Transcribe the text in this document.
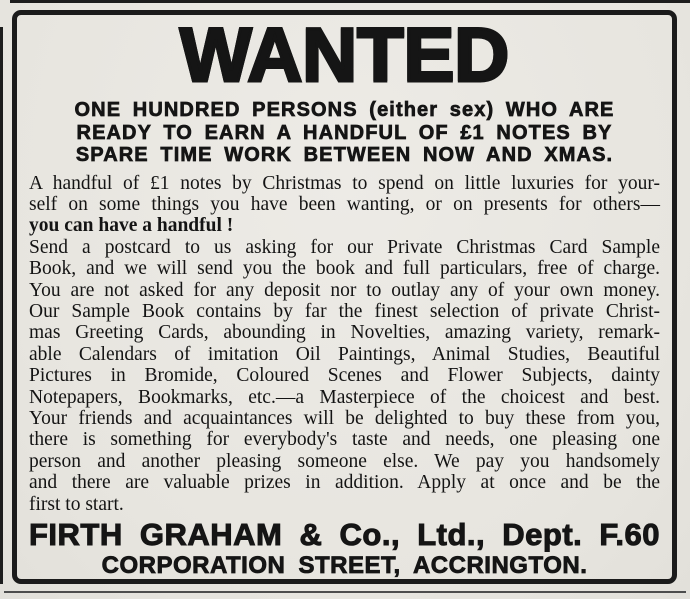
WANTED
ONE HUNDRED PERSONS (either sex) WHO ARE
READY TO EARN A HANDFUL OF £1 NOTES BY
SPARE TIME WORK BETWEEN NOW AND XMAS.
A handful of £1 notes by Christmas to spend on little luxuries for your-
self on some things you have been wanting, or on presents for others—
you can have a handful !
Send a postcard to us asking for our Private Christmas Card Sample
Book, and we will send you the book and full particulars, free of charge.
You are not asked for any deposit nor to outlay any of your own money.
Our Sample Book contains by far the finest selection of private Christ-
mas Greeting Cards, abounding in Novelties, amazing variety, remark-
able Calendars of imitation Oil Paintings, Animal Studies, Beautiful
Pictures in Bromide, Coloured Scenes and Flower Subjects, dainty
Notepapers, Bookmarks, etc.—a Masterpiece of the choicest and best.
Your friends and acquaintances will be delighted to buy these from you,
there is something for everybody's taste and needs, one pleasing one
person and another pleasing someone else. We pay you handsomely
and there are valuable prizes in addition. Apply at once and be the
first to start.
FIRTH GRAHAM & Co., Ltd., Dept. F.60
CORPORATION STREET, ACCRINGTON.
